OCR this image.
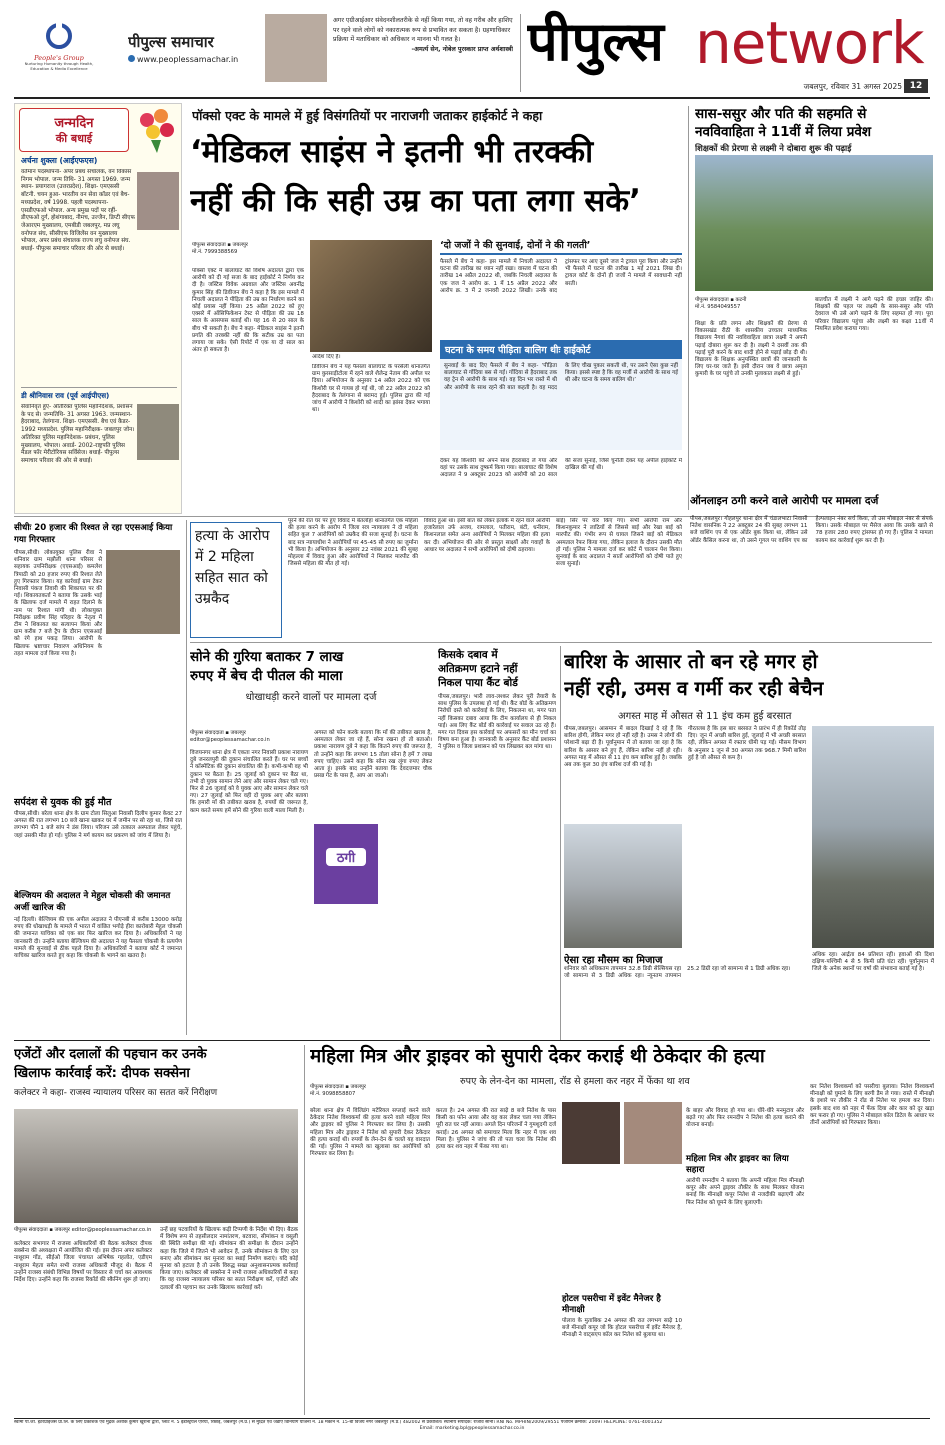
People's Group
Nurturing Humanity through Health, Education & Media Excellence
पीपुल्स समाचार
www.peoplessamachar.in
अगर एग्रीआईआर संवेदनशीलतरीके से नहीं किया गया, तो वह गरीब और हाशिए पर रहने वाले लोगों को नकारात्मक रूप से प्रभावित कर सकता है। ग्रहणाधिकार प्रक्रिया में मताधिकार को अधिकार न मानना भी गलत है।
-अमर्त्य सेन, नोबेल पुरस्कार प्राप्त अर्थशास्त्री पीपुल्स network
जबलपुर, रविवार 31 अगस्त 2025 12
जन्मदिन
की बधाई
अर्चना शुक्ला (आईएफएस)
वर्तमान पदस्थापना- अपर प्रबंध संचालक, वन विकास निगम भोपाल. जन्म तिथि- 31 अगस्त 1969. जन्म स्थान- प्रयागराज (उत्तरप्रदेश). शिक्षा- एमएससी बॉटनी. चयन हुआ- भारतीय वन सेवा कॉडर एवं बैच- मध्यप्रदेश, वर्ष 1998. पहली पदस्थापना- एसडीएफओ भोपाल. अन्य प्रमुख पदों पर रहीं- डीएफओ दुर्ग, होशंगाबाद, नीमच, उज्जैन, डिप्टी सीएफ जेआरएम मुख्यालय, एमबीडी जबलपुर, मप्र लघु वनोपज संघ, सीसीएफ विजिलेंस वन मुख्यालय भोपाल, अपर प्रबंध संचालक राज्य लघु वनोपज संघ. बधाई- पीपुल्स समाचार परिवार की ओर से बधाई।
डी श्रीनिवास राव (पूर्व आईपीएस)
सेवानिवृत हुए- अतिरिक्त पुलिस महानिदेशक, प्रशासन के पद से। जन्मतिथि- 31 अगस्त 1963. जन्मस्थान- हैदराबाद, तेलंगाना. शिक्षा- एमएससी. बैच एवं कैडर- 1992 मध्यप्रदेश. पुलिस महानिरीक्षक- जबलपुर जोन। अतिरिक्त पुलिस महानिदेशक- प्रबंधन, पुलिस मुख्यालय, भोपाल। अवार्ड- 2002-राष्ट्रपति पुलिस मैडल फॉर मेरीटोरियस सर्विसेज। बधाई- पीपुल्स समाचार परिवार की ओर से बधाई।
पॉक्सो एक्ट के मामले में हुई विसंगतियों पर नाराजगी जताकर हाईकोर्ट ने कहा
‘मेडिकल साइंस ने इतनी भी तरक्की
नहीं की कि सही उम्र का पता लगा सके’
पीपुल्स संवाददाता ▪ जबलपुर
मो.नं. 7999388569
पॉक्सो एक्ट में बालाघाट की विशेष अदालत द्वारा एक आरोपी को दी गई सजा के बाद हाईकोर्ट ने निर्णय कर दी है। जस्टिस विवेक अग्रवाल और जस्टिस अवनींद्र कुमार सिंह की डिवीजन बेंच ने कहा है कि इस मामले में निचली अदालत ने पीड़िता की उम्र का निर्धारण करने का कोई प्रयास नहीं किया। 25 अप्रैल 2022 को हुए एक्सरे में ऑसिफिकेशन टेस्ट से पीड़िता की उम्र 18 साल के आसपास बताई थी। यह 16 से 20 साल के बीच भी सकती है। बेंच ने कहा- मेडिकल साइंस ने इतनी प्रगति की तरक्की नहीं की कि सटीक उम्र का पता लगाया जा सके। ऐसी रिपोर्ट में एक या दो साल का अंतर हो सकता है।
आदेश दिए हैं।
डिवीजन बेंच ने यह फैसला बालाघाट के परसेली थानांतर्गत ग्राम कुरसाड़ीटोला में रहने वाले शैलेन्द्र नेताम की अपील पर दिया। अभियोजन के अनुसार 14 अप्रैल 2022 को एक किशोरी घर से गायब हो गई थी, जो 22 अप्रैल 2022 को हैदराबाद के तेलंगाना से बरामद हुई। पुलिस द्वारा की गई जांच में आरोपी ने किशोरी को शादी का झांसा देकर भगाया था।
‘दो जजों ने की सुनवाई, दोनों ने की गलती’
फैसले में बेंच ने कहा- इस मामले में निचली अदालत ने घटना की तारीख का ध्यान नहीं रखा। वास्तव में घटना की तारीख 14 अप्रैल 2022 थी, जबकि निचली अदालत के एक जज ने आरोप क्र. 1 में 15 अप्रैल 2022 और आरोप क्र. 3 में 2 जनवरी 2022 लिखी। उनके बाद ट्रांसफर पर आए दूसरे जज ने ट्रायल पूरा किया और उन्होंने भी फैसले में घटना की तारीख 1 मई 2021 लिख दी। ट्रायल कोर्ट के दोनों ही जजों ने मामले में सावधानी नहीं बरती।
घटना के समय पीड़िता बालिग थीः हाईकोर्ट
सुनवाई के बाद दिए फैसले में बेंच ने कहा- ‘पीड़िता बालाघाट से गोंदिया बस से गई। गोंदिया से हैदराबाद तक वह ट्रेन से आरोपी के साथ गई। वह दिन भर रास्ते में थी और आरोपी के साथ रहने की बात कहती है। वह मदद के लिए चीख पुकार सकती थी, पर उसने ऐसा कुछ नहीं किया। इससे स्पष्ट है कि वह मर्जी से आरोपी के साथ गई थी और घटना के समय बालिग थी।’
देकर यह किशोरी को अपने साथ हैदराबाद ले गया और वहां पर उसके साथ दुष्कर्म किया गया। बालाघाट की विशेष अदालत ने 9 अक्टूबर 2023 को आरोपी को 20 साल की सजा सुनाई, जिसे चुनौती देकर यह अपील हाईकोर्ट में दाखिल की गई थी।
सास-ससुर और पति की सहमति से
नवविवाहिता ने 11वीं में लिया प्रवेश
शिक्षकों की प्रेरणा से लक्ष्मी ने दोबारा शुरू की पढ़ाई
पीपुल्स संवाददाता ▪ कटनी
मो.नं. 9584049557
शिक्षा के प्रति लगन और शिक्षकों की प्रेरणा से विकासखंड रीठी के शासकीय उच्चतर माध्यमिक विद्यालय नैगवां की नवविवाहिता छात्रा लक्ष्मी ने अपनी पढ़ाई दोबारा शुरू कर दी है। लक्ष्मी ने दसवीं तक की पढ़ाई पूरी करने के बाद शादी होने से पढ़ाई छोड़ दी थी। विद्यालय के शिक्षक अनुपस्थित छात्रों की जानकारी के लिए घर-घर जाते हैं। इसी दौरान जब वे छात्रा अमृता कुमारी के घर पहुंचे तो उनकी मुलाकात लक्ष्मी से हुई।
बातचीत में लक्ष्मी ने आगे पढ़ने की इच्छा जाहिर की। शिक्षकों की पहल पर लक्ष्मी के सास-ससुर और पति देवराज भी उसे आगे पढ़ाने के लिए सहमत हो गए। पूरा परिवार विद्यालय पहुंचा और लक्ष्मी का कक्षा 11वीं में नियमित प्रवेश कराया गया।
सीधीः 20 हजार की रिश्वत ले रहा एएसआई किया गया गिरफ्तार
पीपस,सीधी। लोकायुक्त पुलिस रीवा ने शनिवार ग्राम मझौली थाना परिसर से सहायक उपनिरीक्षक (एएसआई) कमलेश त्रिपाठी को 20 हजार रुपए की रिश्वत लेते हुए गिरफ्तार किया। यह कार्रवाई ग्राम टेकर निवासी पंकज तिवारी की शिकायत पर की गई। शिकायतकर्ता ने बताया कि उसके भाई के खिलाफ दर्ज मामले में राहत दिलाने के नाम पर रिश्वत मांगी थी। लोकायुक्त निरीक्षक प्रवीण सिंह परिहार के नेतृत्व में टीम ने शिकायत का सत्यापन किया और ग्राम करीब 7 बजे ट्रैप के दौरान एएसआई को रंगे हाथ पकड़ लिया। आरोपी के खिलाफ भ्रष्टाचार निवारण अधिनियम के तहत मामला दर्ज किया गया है।
सर्पदंश से युवक की हुई मौत
पीपस,सीधी। बरेला थाना क्षेत्र के ग्राम टोला सिलुआ निवासी दिलीप कुमार केवट 27 अगस्त की रात लगभग 10 बजे खाना खाकर घर में जमीन पर सो रहा था, जिसे रात लगभग पौने 1 बजे सांप ने डंस लिया। परिजन उसे तत्काल अस्पताल लेकर पहुंचे, जहां उसकी मौत हो गई। पुलिस ने मर्ग कायम कर प्रकरण को जांच में लिया है।
बेल्जियम की अदालत ने मेहुल चोकसी की जमानत अर्जी खारिज की
नई दिल्ली। बेल्जियम की एक अपील अदालत ने पीएनबी से करीब 13000 करोड़ रुपए की धोखाधड़ी के मामले में भारत में वांछित भगोड़े हीरा कारोबारी मेहुल चोकसी की जमानत याचिका को एक बार फिर खारिज कर दिया है। अधिकारियों ने यह जानकारी दी। उन्होंने बताया बेल्जियम की अदालत ने यह फैसला चोकसी के प्रत्यर्पण मामले की सुनवाई से ठीक पहले दिया है। अधिकारियों ने बताया कोर्ट ने जमानत याचिका खारिज करते हुए कहा कि चोकसी के भागने का खतरा है।
हत्या के आरोप में 2 महिला सहित सात को उम्रकैद
पूरने की रात घर पर हुए विवाद में बेतलोहा थानांतर्गत एक महिला की हत्या करने के आरोप में जिला सत्र न्यायालय ने दो महिला सहित कुल 7 आरोपियों को उम्रकैद की सजा सुनाई है। घटना के बाद सत्र न्यायाधीश ने आरोपियों पर 45-45 सौ रुपए का जुर्माना भी किया है। अभियोजन के अनुसार 22 नवंबर 2021 की सुबह मोहल्ला में विवाद हुआ और आरोपियों ने मिलकर मारपीट की जिससे महिला की मौत हो गई।
विवाद हुआ था। इसी बात को लेकर इलाके में रहने वाले आरोपी हजारेलाल उर्फ अजय, रामलाल, पतीराम, बंटी, धनीराम, किशनलाल समेत अन्य आरोपियों ने मिलकर महिला की हत्या कर दी। अभियोजन की ओर से प्रस्तुत साक्ष्यों और गवाहों के आधार पर अदालत ने सभी आरोपियों को दोषी ठहराया।
बाई) सिर पर वार किए गए। सभी आरोपी राम और किशनकुमार ने लाठियों से जिससे बाई और रेखा बाई को मारपीट की। गंभीर रूप से घायल जिसने बाई को मेडिकल अस्पताल रेफर किया गया, लेकिन इलाज के दौरान उसकी मौत हो गई। पुलिस ने मामला दर्ज कर कोर्ट में चालान पेश किया। सुनवाई के बाद अदालत ने सातों आरोपियों को दोषी पाते हुए सजा सुनाई।
ऑनलाइन ठगी करने वाले आरोपी पर मामला दर्ज
पीपस,जबलपुर। गोहलपुर थाना क्षेत्र में चंडालभाटा निवासी नितेश वासनिक ने 22 अक्टूबर 24 की सुबह लगभग 11 बजे वाशिंग एप से एक ऑर्डर बुक किया था, लेकिन उसे ऑर्डर कैंसिल करना था, तो उसने गूगल पर वाशिंग एप का हेल्पलाइन नंबर सर्च किया, तो उस मोबाइल नंबर से संपर्क किया। उसके मोबाइल पर मैसेज आया कि उसके खाते से 78 हजार 280 रुपए ट्रांसफर हो गए हैं। पुलिस ने मामला कायम कर कार्रवाई शुरू कर दी है।
सोने की गुरिया बताकर 7 लाख
रुपए में बेच दी पीतल की माला
धोखाधड़ी करने वालों पर मामला दर्ज
पीपुल्स संवाददाता ▪ जबलपुर
editor@peoplessamachar.co.in
विजयनगर थाना क्षेत्र में एकता नगर निवासी प्रकाश नारायण दुबे जनरलपुरी की दुकान संचालित करते हैं। घर पर बच्चों ने कॉस्मेटिक की दुकान संचालित की है। कभी-कभी वह भी दुकान पर बैठता है। 25 जुलाई को दुकान पर बैठा था, तभी दो युवक सामान लेने आए और सामान लेकर चले गए। फिर से 26 जुलाई को वे युवक आए और सामान लेकर चले गए। 27 जुलाई को फिर वही दो युवक आए और बताया कि हमारी माँ की तबीयत खराब है, रुपयों की जरूरत है, काम करते समय हमें सोने की गुरिया वाली माला मिली है।
अगस्त को फोन करके बताया कि माँ की तबीयत खराब है, अस्पताल लेकर जा रहे हैं, सोना रखना हो तो बताओ। प्रकाश नारायण दुबे ने कहा कि कितने रुपए की जरूरत है, तो उन्होंने कहा कि लगभग 15 तोला सोना है हमें 7 लाख रुपए चाहिए। उसने कहा कि सोना रख लूंगा रुपए लेकर आता हूं। इसके बाद उन्होंने बताया कि देवदत्तमार चौक प्रसन्न गेट के पास हैं, आप आ जाओ।
ठगी
किसके दबाव में
अतिक्रमण हटाने नहीं
निकल पाया कैंट बोर्ड
पीपस,जबलपुर। भारी लाव-लश्कर लेकर पूरी तैयारी के साथ पुलिस के उपलब्ध हो गई थी। कैंट बोर्ड के अतिक्रमण निरोधी दस्ते को कार्रवाई के लिए, निकलना था, मगर पता नहीं किसका दबाव आया कि टीम कार्यालय से ही निकल पाई। अब लिए कैंट बोर्ड की कार्रवाई पर सवाल उठ रहे हैं। मगर गत दिवस हस कार्रवाई पर अफसरों का मौन चर्चा का विषय बना हुआ है। जानकारी के अनुसार कैंट बोर्ड प्रशासन ने पुलिस व जिला प्रशासन को पत्र लिखकर बल मांगा था।
बारिश के आसार तो बन रहे मगर हो
नहीं रही, उमस व गर्मी कर रही बेचैन
अगस्त माह में औसत से 11 इंच कम हुई बरसात
पीपस,जबलपुर। आसमान में बादल दिखाई दे रहे हैं कि बारिश होगी, लेकिन मगर हो नहीं रही है। उमस ने लोगों की परेशानी बढ़ा दी है। पूर्वानुमान में तो बताया जा रहा है कि बारिश के आसार बने हुए हैं, लेकिन बारिश नहीं हो रही। अगस्त माह में औसत से 11 इंच कम बारिश हुई है। जबकि अब तक कुल 30 इंच बारिश दर्ज की गई है।
गौरतलब है कि इस बार बरसात ने प्रारंभ में ही रिकॉर्ड तोड़ दिए। जून में अच्छी बारिश हुई, जुलाई में भी अच्छी बरसात रही, लेकिन अगस्त में रफ्तार धीमी पड़ गई। मौसम विभाग के अनुसार 1 जून से 30 अगस्त तक 968.7 मिमी बारिश हुई है जो औसत से कम है।
ऐसा रहा मौसम का मिजाज
शनिवार को अधिकतम तापमान 32.8 डिग्री सेल्सियस रहा जो सामान्य से 3 डिग्री अधिक रहा। न्यूनतम तापमान 25.2 डिग्री रहा जो सामान्य से 1 डिग्री अधिक रहा।
अधिक रहा। आर्द्रता 84 प्रतिशत रही। हवाओं की दिशा दक्षिण-पश्चिमी 4 से 5 किमी प्रति घंटा रही। पूर्वानुमान में जिले के अनेक स्थानों पर वर्षा की संभावना बताई गई है।
एजेंटों और दलालों की पहचान कर उनके
खिलाफ कार्रवाई करें: दीपक सक्सेना
कलेक्टर ने कहा- राजस्व न्यायालय परिसर का सतत करें निरीक्षण
पीपुल्स संवाददाता ▪ जबलपुर editor@peoplessamachar.co.in
कलेक्टर सभागार में राजस्व अधिकारियों की बैठक कलेक्टर दीपक सक्सेना की अध्यक्षता में आयोजित की गई। इस दौरान अपर कलेक्टर नाथूराम गोंड, सीईओ जिला पंचायत अभिषेक गहलोत, एडीएम नाथूराम मेहता समेत सभी राजस्व अधिकारी मौजूद थे। बैठक में उन्होंने राजस्व संबंधी विभिन्न विषयों पर विस्तार से चर्चा कर आवश्यक निर्देश दिए। उन्होंने कहा कि राजस्व रिकॉर्ड की स्कैनिंग शुरू हो जाए।
उन्हें छह पटवारियों के खिलाफ कड़ी टिप्पणी के निर्देश भी दिए। बैठक में विशेष रूप से तहसीलदार नामांतरण, बटवारा, सीमांकन व वसूली की स्थिति समीक्षा की गई। सीमांकन की समीक्षा के दौरान उन्होंने कहा कि जिले में जितने भी आवेदन हैं, उनके सीमांकन के लिए दल बनाए और सीमांकन कर मुनारा का स्थाई निर्माण कराएं। यदि कोई मुनारा को हटाता है तो उनके विरुद्ध सख्त अनुशासनात्मक कार्रवाई किया जाए। कलेक्टर श्री सक्सेना ने सभी राजस्व अधिकारियों से कहा कि वह राजस्व न्यायालय परिसर का सतत निरीक्षण करें, एजेंटों और दलालों की पहचान कर उनके खिलाफ कार्रवाई करें।
महिला मित्र और ड्राइवर को सुपारी देकर कराई थी ठेकेदार की हत्या
रुपए के लेन-देन का मामला, रॉड से हमला कर नहर में फेंका था शव
पीपुल्स संवाददाता ▪ जबलपुर
मो.नं. 9098858807
बरेला थाना क्षेत्र में विलिडंग मटेरियल सप्लाई करने वाले ठेकेदार नितेश विश्वकर्मा की हत्या करने वाले महिला मित्र और ड्राइवर को पुलिस ने गिरफ्तार कर लिया है। उसकी महिला मित्र और ड्राइवर ने नितेश को सुपारी देकर ठेकेदार की हत्या कराई थी। रुपयों के लेन-देन के चलते यह वारदात की गई। पुलिस ने मामले का खुलासा कर आरोपियों को गिरफ्तार कर लिया है।
करता है। 24 अगस्त की रात साढ़े 8 बजे नितेश के पास किसी का फोन आया और वह कार लेकर चला गया लेकिन पूरी रात घर नहीं आया। अगले दिन परिजनों ने गुमशुदगी दर्ज कराई। 26 अगस्त को समाचार मिला कि नहर में एक शव मिला है। पुलिस ने जांच की तो पता चला कि नितेश की हत्या कर शव नहर में फेंका गया था।
के बाहर और विवाद हो गया था। धीरे-धीरे मनमुटाव और बढ़ते गए और फिर रमनदीप ने नितेश की हत्या कराने की योजना बनाई।
महिला मित्र और ड्राइवर का लिया सहारा
आरोपी रमनदीप ने बताया कि अपनी महिला मित्र मीनाक्षी कपूर और अपने ड्राइवर तौकीर के साथ मिलकर योजना बनाई कि मीनाक्षी कपूर नितेश से नजदीकी बढ़ाएगी और फिर नितेश को घूमने के लिए बुलाएगी।
होटल पसरीचा में इवेंट मैनेजर है मीनाक्षी
पोलाव के मुताबिक 24 अगस्त की रात लगभग साढ़े 10 बजे मीनाक्षी कपूर जो कि होटल पसरीचा में इवेंट मैनेजर है, मीनाक्षी ने वाट्सएप कॉल कर नितेश को बुलाया था।
कर नितेश विश्वकर्मा को पसरीचा बुलाया। नितेश विश्वकर्मा मीनाक्षी को घुमाने के लिए बरगी डैम ले गया। रास्ते में मीनाक्षी के इशारे पर तौकीर ने रॉड से नितेश पर हमला कर दिया। इसके बाद शव को नहर में फेंक दिया और कार को दूर खड़ा कर फरार हो गए। पुलिस ने मोबाइल कॉल डिटेल के आधार पर तीनों आरोपियों को गिरफ्तार किया।
स्वामी पी.जी. इंटरप्राइजेस प्रा.लि. के लिए प्रकाशक एवं मुद्रक अशोक कुमार खुराना द्वारा, प्लॉट नं. 5 इंडस्ट्रियल एरिया, रिछाई, जबलपुर (म.प्र.) से मुद्रित एवं जेडीए विनियोग योजना नं. 18 मकान नं. 15-बी विजय नगर जबलपुर (म.प्र.) 482002 से प्रकाशित। स्थानीय संपादक: राजीव सोनी। RNI No. MPHIN/2009/29551 पंजीयन क्रमांक: 2009। HELPLINE: 0761-4001352
Email: marketing.bpl@peoplessamachar.co.in
